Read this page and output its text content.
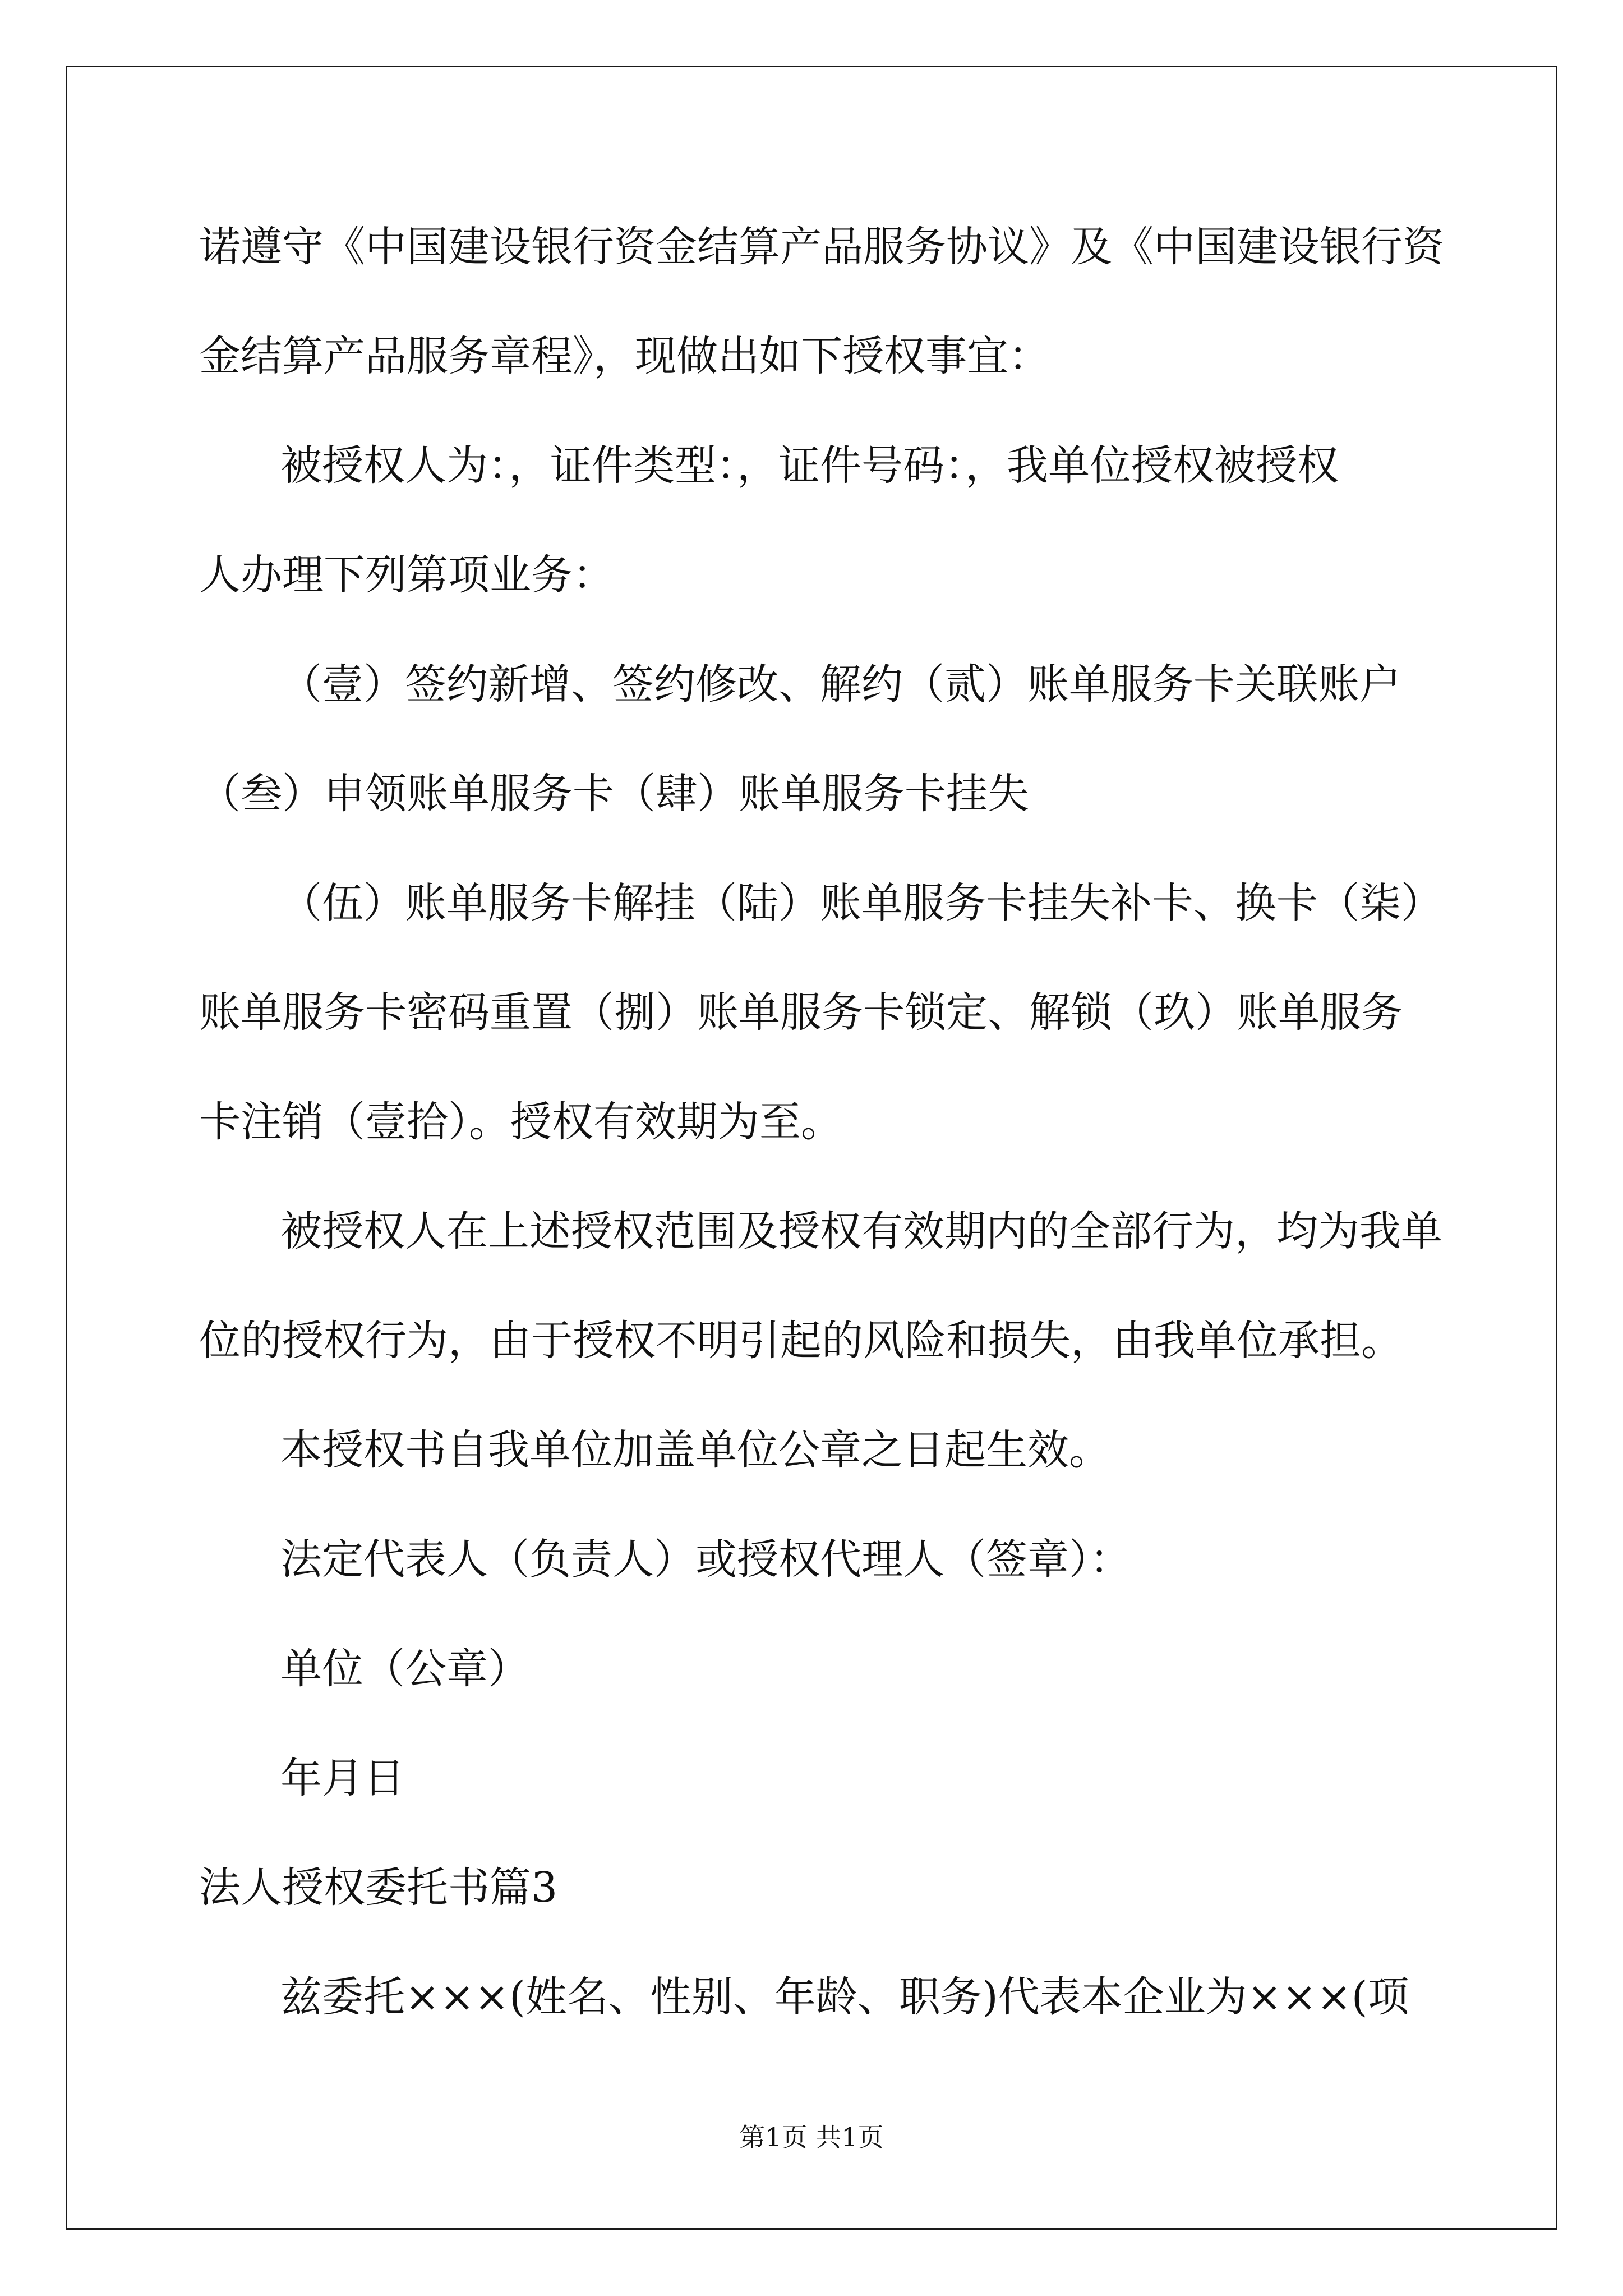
诺遵守《中国建设银行资金结算产品服务协议》及《中国建设银行资
金结算产品服务章程》，现做出如下授权事宜：
被授权人为：，证件类型：，证件号码：，我单位授权被授权
人办理下列第项业务：
（壹）签约新增、签约修改、解约（贰）账单服务卡关联账户
（叁）申领账单服务卡（肆）账单服务卡挂失
（伍）账单服务卡解挂（陆）账单服务卡挂失补卡、换卡（柒）
账单服务卡密码重置（捌）账单服务卡锁定、解锁（玖）账单服务
卡注销（壹拾）。授权有效期为至。
被授权人在上述授权范围及授权有效期内的全部行为，均为我单
位的授权行为，由于授权不明引起的风险和损失，由我单位承担。
本授权书自我单位加盖单位公章之日起生效。
法定代表人（负责人）或授权代理人（签章）：
单位（公章）
年月日
法人授权委托书篇3
兹委托×××(姓名、性别、年龄、职务)代表本企业为×××(项
第1页 共1页
